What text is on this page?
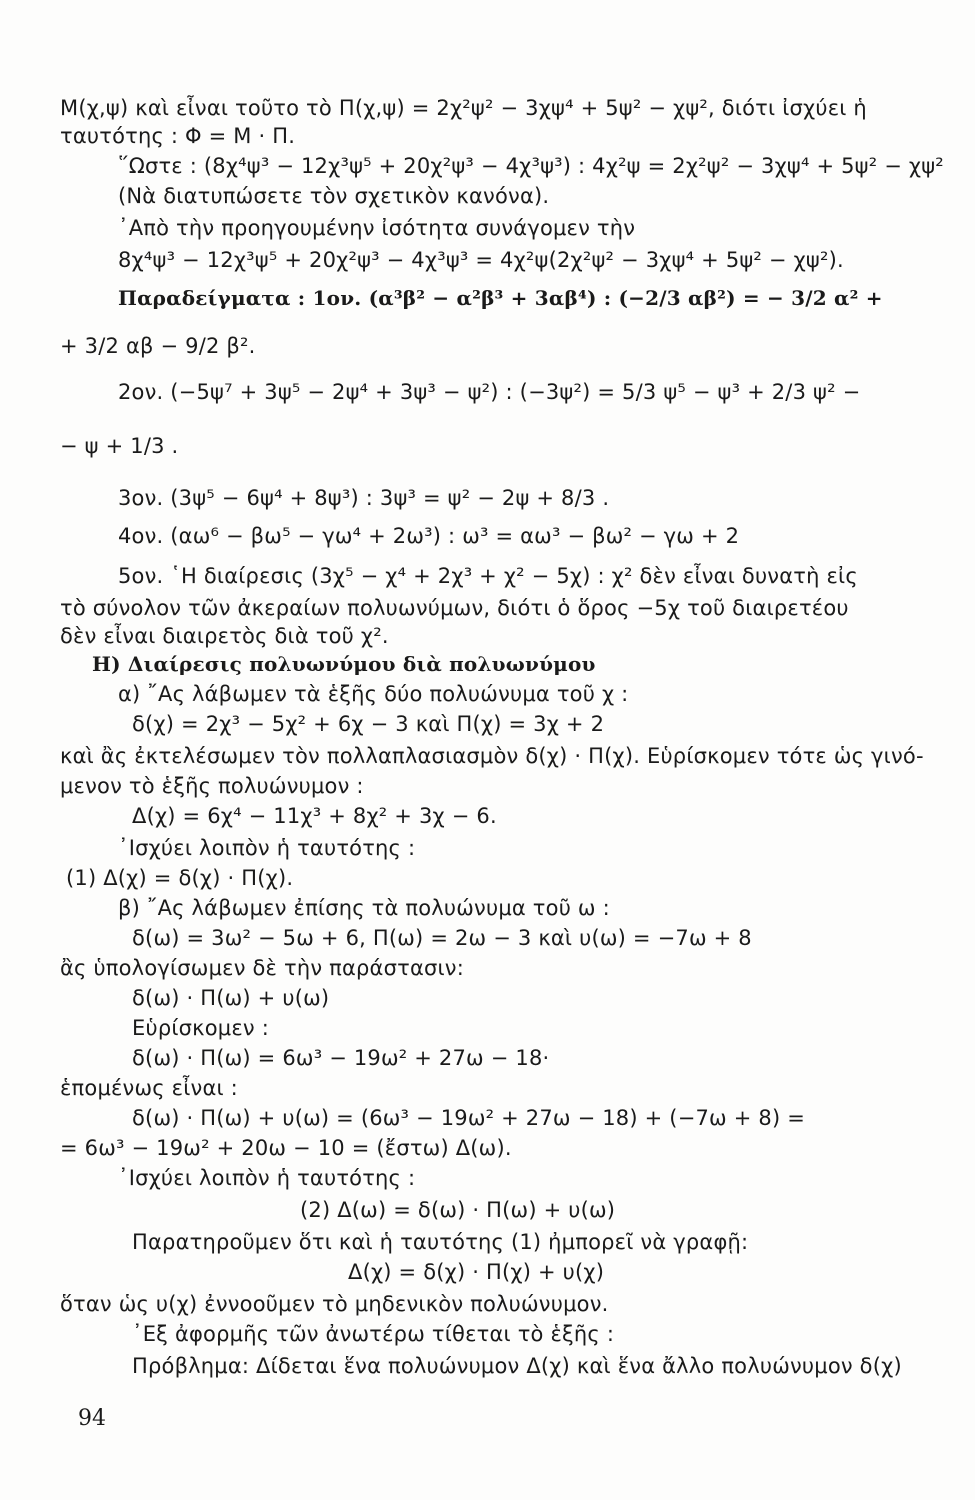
Μ(χ,ψ) καὶ εἶναι τοῦτο τὸ Π(χ,ψ) = 2χ²ψ² − 3χψ⁴ + 5ψ² − χψ², διότι ἰσχύει ἡ
ταυτότης : Φ = Μ · Π.
῞Ωστε : (8χ⁴ψ³ − 12χ³ψ⁵ + 20χ²ψ³ − 4χ³ψ³) : 4χ²ψ = 2χ²ψ² − 3χψ⁴ + 5ψ² − χψ²
(Νὰ διατυπώσετε τὸν σχετικὸν κανόνα).
᾿Απὸ τὴν προηγουμένην ἰσότητα συνάγομεν τὴν
8χ⁴ψ³ − 12χ³ψ⁵ + 20χ²ψ³ − 4χ³ψ³ = 4χ²ψ(2χ²ψ² − 3χψ⁴ + 5ψ² − χψ²).
Παραδείγματα : 1ον. (α³β² − α²β³ + 3αβ⁴) : (−2/3 αβ²) = − 3/2 α² +
+ 3/2 αβ − 9/2 β².
2ον. (−5ψ⁷ + 3ψ⁵ − 2ψ⁴ + 3ψ³ − ψ²) : (−3ψ²) = 5/3 ψ⁵ − ψ³ + 2/3 ψ² −
− ψ + 1/3 .
3ον. (3ψ⁵ − 6ψ⁴ + 8ψ³) : 3ψ³ = ψ² − 2ψ + 8/3 .
4ον. (αω⁶ − βω⁵ − γω⁴ + 2ω³) : ω³ = αω³ − βω² − γω + 2
5ον. ῾Η διαίρεσις (3χ⁵ − χ⁴ + 2χ³ + χ² − 5χ) : χ² δὲν εἶναι δυνατὴ εἰς
τὸ σύνολον τῶν ἀκεραίων πολυωνύμων, διότι ὁ ὅρος −5χ τοῦ διαιρετέου
δὲν εἶναι διαιρετὸς διὰ τοῦ χ².
Η) Διαίρεσις πολυωνύμου διὰ πολυωνύμου
α) ῎Ας λάβωμεν τὰ ἑξῆς δύο πολυώνυμα τοῦ χ :
δ(χ) = 2χ³ − 5χ² + 6χ − 3 καὶ Π(χ) = 3χ + 2
καὶ ἂς ἐκτελέσωμεν τὸν πολλαπλασιασμὸν δ(χ) · Π(χ). Εὑρίσκομεν τότε ὡς γινό-
μενον τὸ ἑξῆς πολυώνυμον :
Δ(χ) = 6χ⁴ − 11χ³ + 8χ² + 3χ − 6.
᾿Ισχύει λοιπὸν ἡ ταυτότης :
(1) Δ(χ) = δ(χ) · Π(χ).
β) ῎Ας λάβωμεν ἐπίσης τὰ πολυώνυμα τοῦ ω :
δ(ω) = 3ω² − 5ω + 6, Π(ω) = 2ω − 3 καὶ υ(ω) = −7ω + 8
ἂς ὑπολογίσωμεν δὲ τὴν παράστασιν:
δ(ω) · Π(ω) + υ(ω)
Εὑρίσκομεν :
δ(ω) · Π(ω) = 6ω³ − 19ω² + 27ω − 18·
ἑπομένως εἶναι :
δ(ω) · Π(ω) + υ(ω) = (6ω³ − 19ω² + 27ω − 18) + (−7ω + 8) =
= 6ω³ − 19ω² + 20ω − 10 = (ἔστω) Δ(ω).
᾿Ισχύει λοιπὸν ἡ ταυτότης :
(2) Δ(ω) = δ(ω) · Π(ω) + υ(ω)
Παρατηροῦμεν ὅτι καὶ ἡ ταυτότης (1) ἠμπορεῖ νὰ γραφῇ:
Δ(χ) = δ(χ) · Π(χ) + υ(χ)
ὅταν ὡς υ(χ) ἐννοοῦμεν τὸ μηδενικὸν πολυώνυμον.
᾿Εξ ἀφορμῆς τῶν ἀνωτέρω τίθεται τὸ ἑξῆς :
Πρόβλημα: Δίδεται ἕνα πολυώνυμον Δ(χ) καὶ ἕνα ἄλλο πολυώνυμον δ(χ)
94
